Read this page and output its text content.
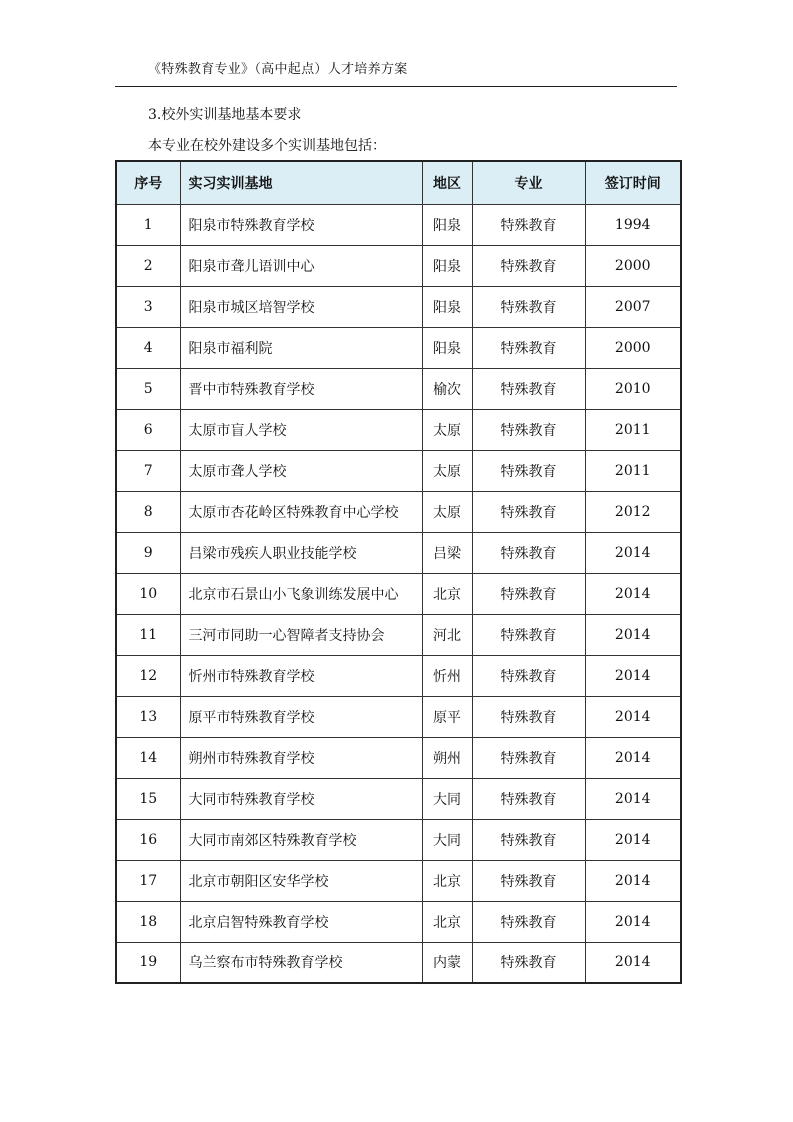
《特殊教育专业》（高中起点）人才培养方案
3.校外实训基地基本要求
本专业在校外建设多个实训基地包括：
序号	实习实训基地	地区	专业	签订时间
1	阳泉市特殊教育学校	阳泉	特殊教育	1994
2	阳泉市聋儿语训中心	阳泉	特殊教育	2000
3	阳泉市城区培智学校	阳泉	特殊教育	2007
4	阳泉市福利院	阳泉	特殊教育	2000
5	晋中市特殊教育学校	榆次	特殊教育	2010
6	太原市盲人学校	太原	特殊教育	2011
7	太原市聋人学校	太原	特殊教育	2011
8	太原市杏花岭区特殊教育中心学校	太原	特殊教育	2012
9	吕梁市残疾人职业技能学校	吕梁	特殊教育	2014
10	北京市石景山小飞象训练发展中心	北京	特殊教育	2014
11	三河市同助一心智障者支持协会	河北	特殊教育	2014
12	忻州市特殊教育学校	忻州	特殊教育	2014
13	原平市特殊教育学校	原平	特殊教育	2014
14	朔州市特殊教育学校	朔州	特殊教育	2014
15	大同市特殊教育学校	大同	特殊教育	2014
16	大同市南郊区特殊教育学校	大同	特殊教育	2014
17	北京市朝阳区安华学校	北京	特殊教育	2014
18	北京启智特殊教育学校	北京	特殊教育	2014
19	乌兰察布市特殊教育学校	内蒙	特殊教育	2014
